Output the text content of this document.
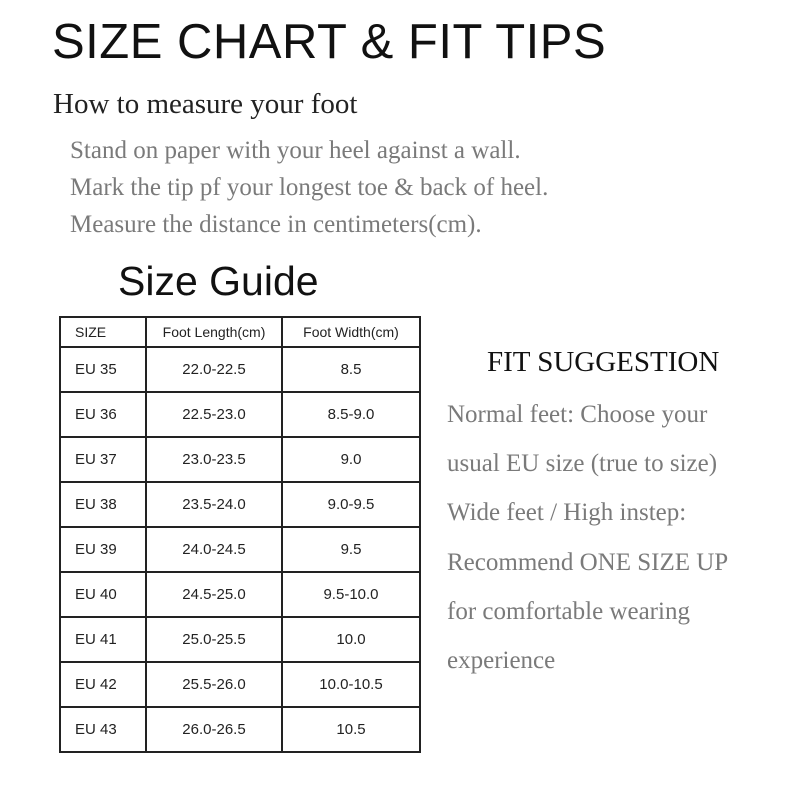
SIZE CHART & FIT TIPS
How to measure your foot
Stand on paper with your heel against a wall.
Mark the tip pf your longest toe & back of heel.
Measure the distance in centimeters(cm).
Size Guide
SIZE	Foot Length(cm)	Foot Width(cm)
EU 35	22.0-22.5	8.5
EU 36	22.5-23.0	8.5-9.0
EU 37	23.0-23.5	9.0
EU 38	23.5-24.0	9.0-9.5
EU 39	24.0-24.5	9.5
EU 40	24.5-25.0	9.5-10.0
EU 41	25.0-25.5	10.0
EU 42	25.5-26.0	10.0-10.5
EU 43	26.0-26.5	10.5
FIT SUGGESTION
Normal feet: Choose your
usual EU size (true to size)
Wide feet / High instep:
Recommend ONE SIZE UP
for comfortable wearing
experience
